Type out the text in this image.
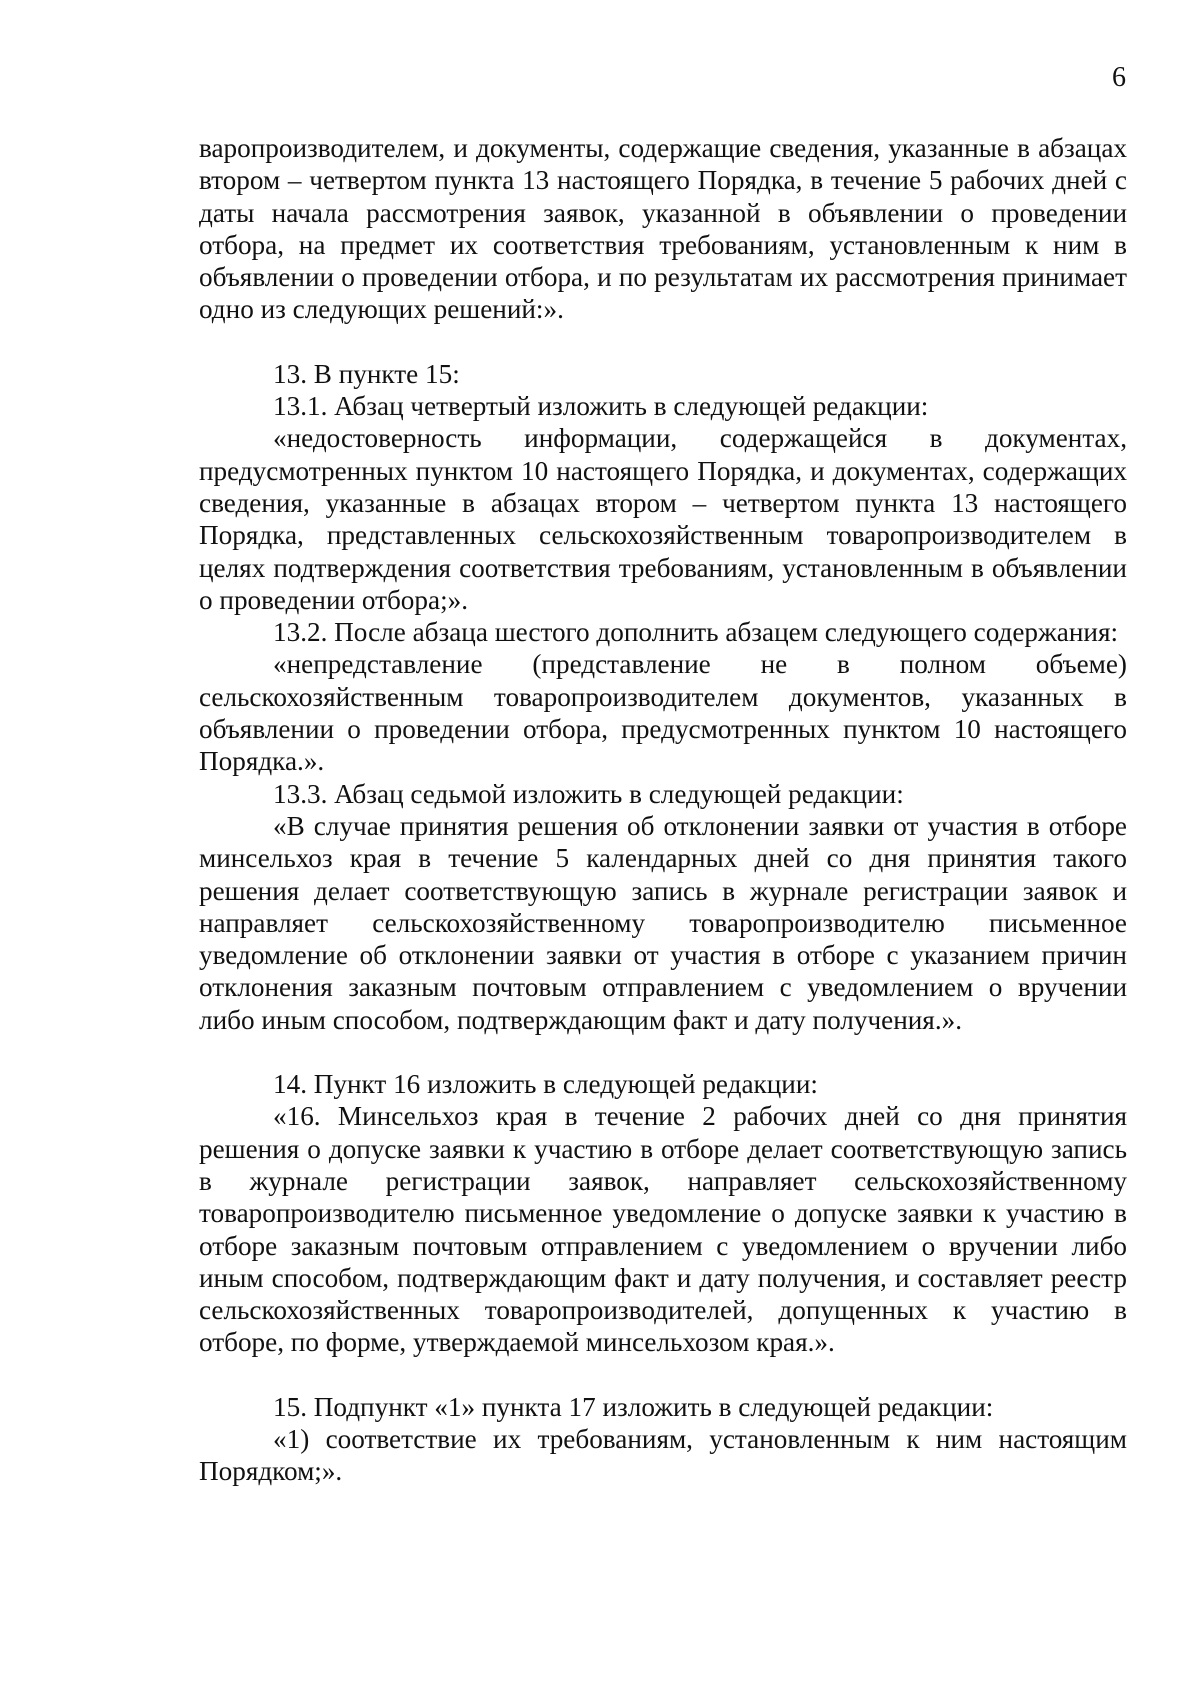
6

варопроизводителем, и документы, содержащие сведения, указанные в абзацах втором – четвертом пункта 13 настоящего Порядка, в течение 5 рабочих дней с даты начала рассмотрения заявок, указанной в объявлении о проведении отбора, на предмет их соответствия требованиям, установленным к ним в объявлении о проведении отбора, и по результатам их рассмотрения принимает одно из следующих решений:».

13. В пункте 15:

13.1. Абзац четвертый изложить в следующей редакции:

«недостоверность информации, содержащейся в документах, предусмотренных пунктом 10 настоящего Порядка, и документах, содержащих сведения, указанные в абзацах втором – четвертом пункта 13 настоящего Порядка, представленных сельскохозяйственным товаропроизводителем в целях подтверждения соответствия требованиям, установленным в объявлении о проведении отбора;».

13.2. После абзаца шестого дополнить абзацем следующего содержания:

«непредставление (представление не в полном объеме) сельскохозяйственным товаропроизводителем документов, указанных в объявлении о проведении отбора, предусмотренных пунктом 10 настоящего Порядка.».

13.3. Абзац седьмой изложить в следующей редакции:

«В случае принятия решения об отклонении заявки от участия в отборе минсельхоз края в течение 5 календарных дней со дня принятия такого решения делает соответствующую запись в журнале регистрации заявок и направляет сельскохозяйственному товаропроизводителю письменное уведомление об отклонении заявки от участия в отборе с указанием причин отклонения заказным почтовым отправлением с уведомлением о вручении либо иным способом, подтверждающим факт и дату получения.».

14. Пункт 16 изложить в следующей редакции:

«16. Минсельхоз края в течение 2 рабочих дней со дня принятия решения о допуске заявки к участию в отборе делает соответствующую запись в журнале регистрации заявок, направляет сельскохозяйственному товаропроизводителю письменное уведомление о допуске заявки к участию в отборе заказным почтовым отправлением с уведомлением о вручении либо иным способом, подтверждающим факт и дату получения, и составляет реестр сельскохозяйственных товаропроизводителей, допущенных к участию в отборе, по форме, утверждаемой минсельхозом края.».

15. Подпункт «1» пункта 17 изложить в следующей редакции:

«1) соответствие их требованиям, установленным к ним настоящим Порядком;».
